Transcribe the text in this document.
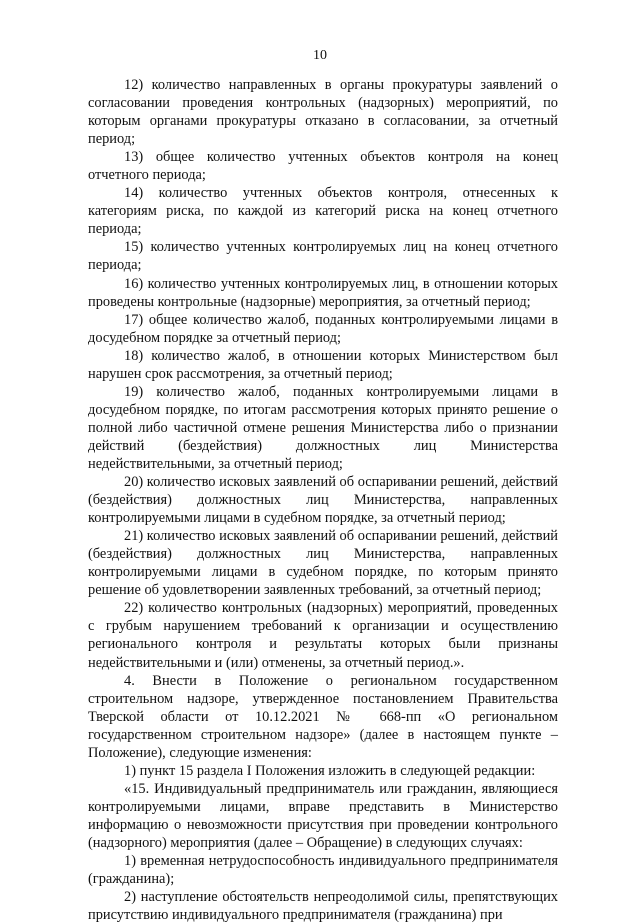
10

12) количество направленных в органы прокуратуры заявлений о согласовании проведения контрольных (надзорных) мероприятий, по которым органами прокуратуры отказано в согласовании, за отчетный период;

13) общее количество учтенных объектов контроля на конец отчетного периода;

14) количество учтенных объектов контроля, отнесенных к категориям риска, по каждой из категорий риска на конец отчетного периода;

15) количество учтенных контролируемых лиц на конец отчетного периода;

16) количество учтенных контролируемых лиц, в отношении которых проведены контрольные (надзорные) мероприятия, за отчетный период;

17) общее количество жалоб, поданных контролируемыми лицами в досудебном порядке за отчетный период;

18) количество жалоб, в отношении которых Министерством был нарушен срок рассмотрения, за отчетный период;

19) количество жалоб, поданных контролируемыми лицами в досудебном порядке, по итогам рассмотрения которых принято решение о полной либо частичной отмене решения Министерства либо о признании действий (бездействия) должностных лиц Министерства недействительными, за отчетный период;

20) количество исковых заявлений об оспаривании решений, действий (бездействия) должностных лиц Министерства, направленных контролируемыми лицами в судебном порядке, за отчетный период;

21) количество исковых заявлений об оспаривании решений, действий (бездействия) должностных лиц Министерства, направленных контролируемыми лицами в судебном порядке, по которым принято решение об удовлетворении заявленных требований, за отчетный период;

22) количество контрольных (надзорных) мероприятий, проведенных с грубым нарушением требований к организации и осуществлению регионального контроля и результаты которых были признаны недействительными и (или) отменены, за отчетный период.».

4. Внести в Положение о региональном государственном строительном надзоре, утвержденное постановлением Правительства Тверской области от 10.12.2021 № 668-пп «О региональном государственном строительном надзоре» (далее в настоящем пункте – Положение), следующие изменения:

1) пункт 15 раздела I Положения изложить в следующей редакции:

«15. Индивидуальный предприниматель или гражданин, являющиеся контролируемыми лицами, вправе представить в Министерство информацию о невозможности присутствия при проведении контрольного (надзорного) мероприятия (далее – Обращение) в следующих случаях:

1) временная нетрудоспособность индивидуального предпринимателя (гражданина);

2) наступление обстоятельств непреодолимой силы, препятствующих присутствию индивидуального предпринимателя (гражданина) при
